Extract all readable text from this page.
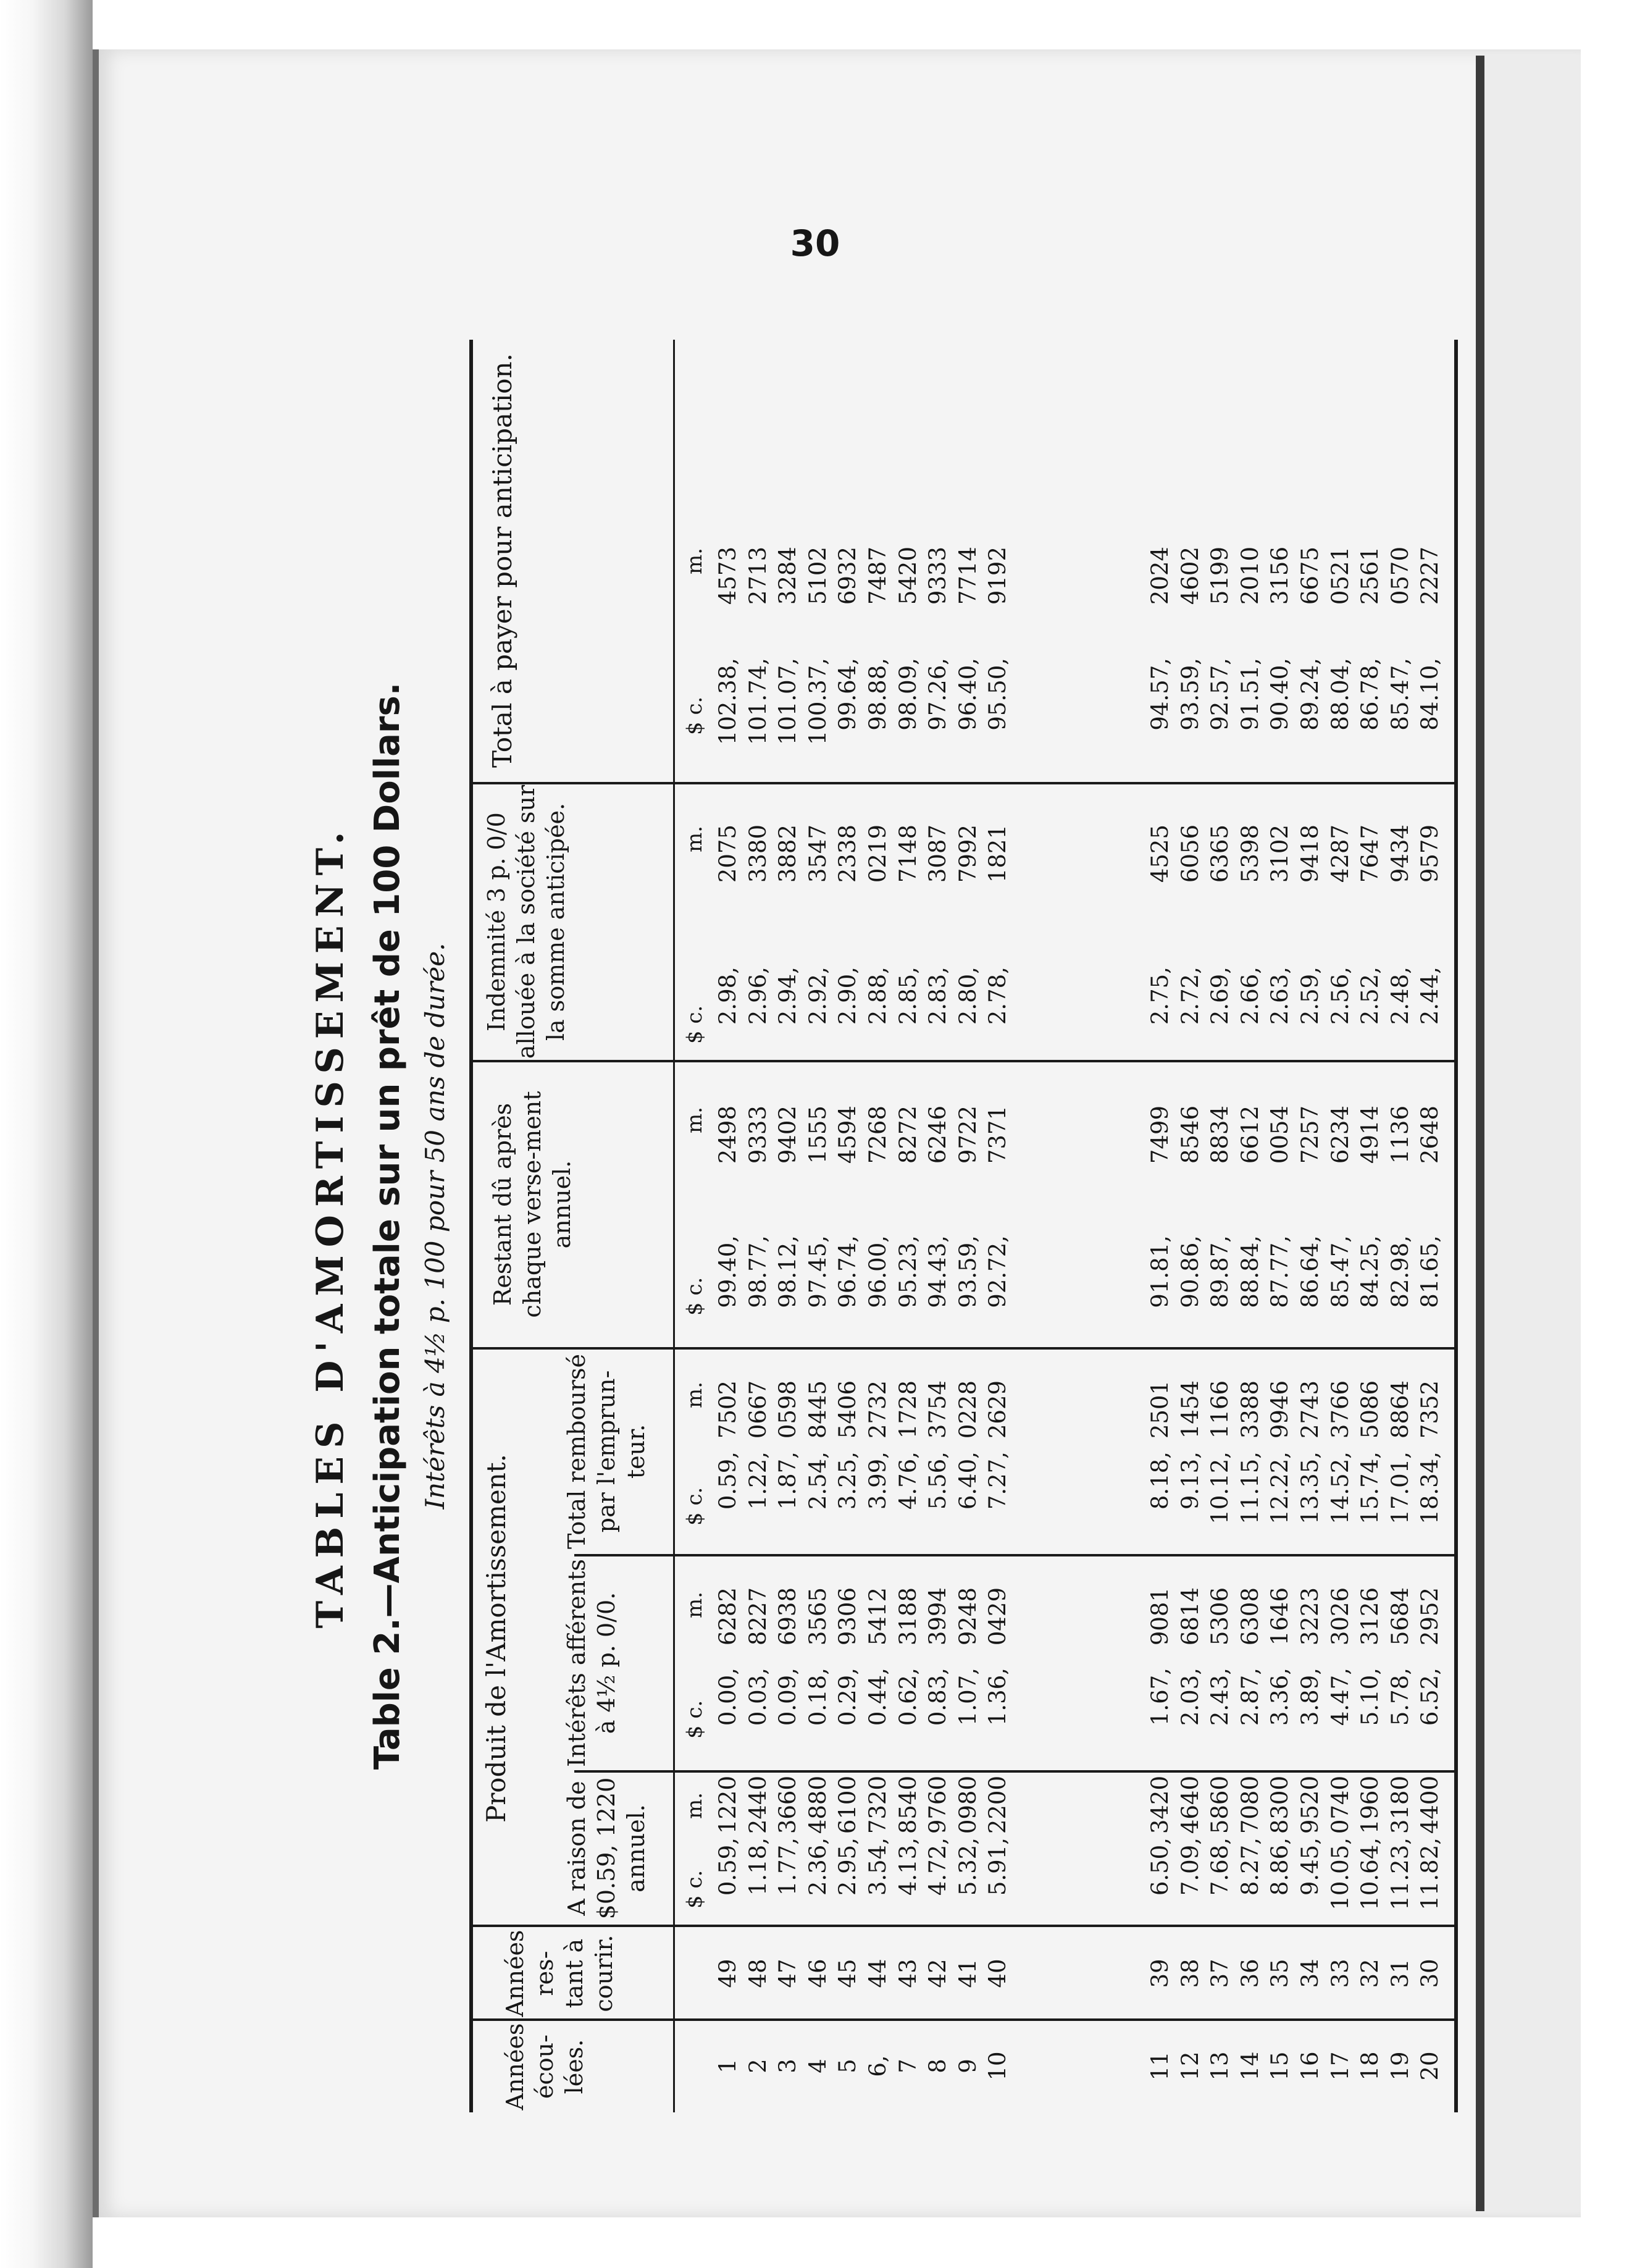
30
TABLES D'AMORTISSEMENT. Table 2.—Anticipation totale sur un prêt de 100 Dollars. Intérêts à 4½ p. 100 pour 50 ans de durée.
Années écou-lées.
Années res-tant à courir.
Produit de l'Amortissement.
A raison de $0.59, 1220 annuel.
Intérêts afférents à 4½ p. 0/0.
Total remboursé par l'emprun-teur.
Restant dû après chaque verse-ment annuel.
Indemnité 3 p. 0/0 allouée à la société sur la somme anticipée.
Total à payer pour anticipation.
$ c.
m.
$ c.
m.
$ c.
m.
$ c.
m.
$ c.
m.
$ c.
m.
1 2 3 4 5 6, 7 8 9 10
49 48 47 46 45 44 43 42 41 40
0.59, 1.18, 1.77, 2.36, 2.95, 3.54, 4.13, 4.72, 5.32, 5.91,
1220 2440 3660 4880 6100 7320 8540 9760 0980 2200
0.00, 0.03, 0.09, 0.18, 0.29, 0.44, 0.62, 0.83, 1.07, 1.36,
6282 8227 6938 3565 9306 5412 3188 3994 9248 0429
0.59, 1.22, 1.87, 2.54, 3.25, 3.99, 4.76, 5.56, 6.40, 7.27,
7502 0667 0598 8445 5406 2732 1728 3754 0228 2629
99.40, 98.77, 98.12, 97.45, 96.74, 96.00, 95.23, 94.43, 93.59, 92.72,
2498 9333 9402 1555 4594 7268 8272 6246 9722 7371
2.98, 2.96, 2.94, 2.92, 2.90, 2.88, 2.85, 2.83, 2.80, 2.78,
2075 3380 3882 3547 2338 0219 7148 3087 7992 1821
102.38, 101.74, 101.07, 100.37, 99.64, 98.88, 98.09, 97.26, 96.40, 95.50,
4573 2713 3284 5102 6932 7487 5420 9333 7714 9192
11 12 13 14 15 16 17 18 19 20
39 38 37 36 35 34 33 32 31 30
6.50, 7.09, 7.68, 8.27, 8.86, 9.45, 10.05, 10.64, 11.23, 11.82,
3420 4640 5860 7080 8300 9520 0740 1960 3180 4400
1.67, 2.03, 2.43, 2.87, 3.36, 3.89, 4.47, 5.10, 5.78, 6.52,
9081 6814 5306 6308 1646 3223 3026 3126 5684 2952
8.18, 9.13, 10.12, 11.15, 12.22, 13.35, 14.52, 15.74, 17.01, 18.34,
2501 1454 1166 3388 9946 2743 3766 5086 8864 7352
91.81, 90.86, 89.87, 88.84, 87.77, 86.64, 85.47, 84.25, 82.98, 81.65,
7499 8546 8834 6612 0054 7257 6234 4914 1136 2648
2.75, 2.72, 2.69, 2.66, 2.63, 2.59, 2.56, 2.52, 2.48, 2.44,
4525 6056 6365 5398 3102 9418 4287 7647 9434 9579
94.57, 93.59, 92.57, 91.51, 90.40, 89.24, 88.04, 86.78, 85.47, 84.10,
2024 4602 5199 2010 3156 6675 0521 2561 0570 2227
